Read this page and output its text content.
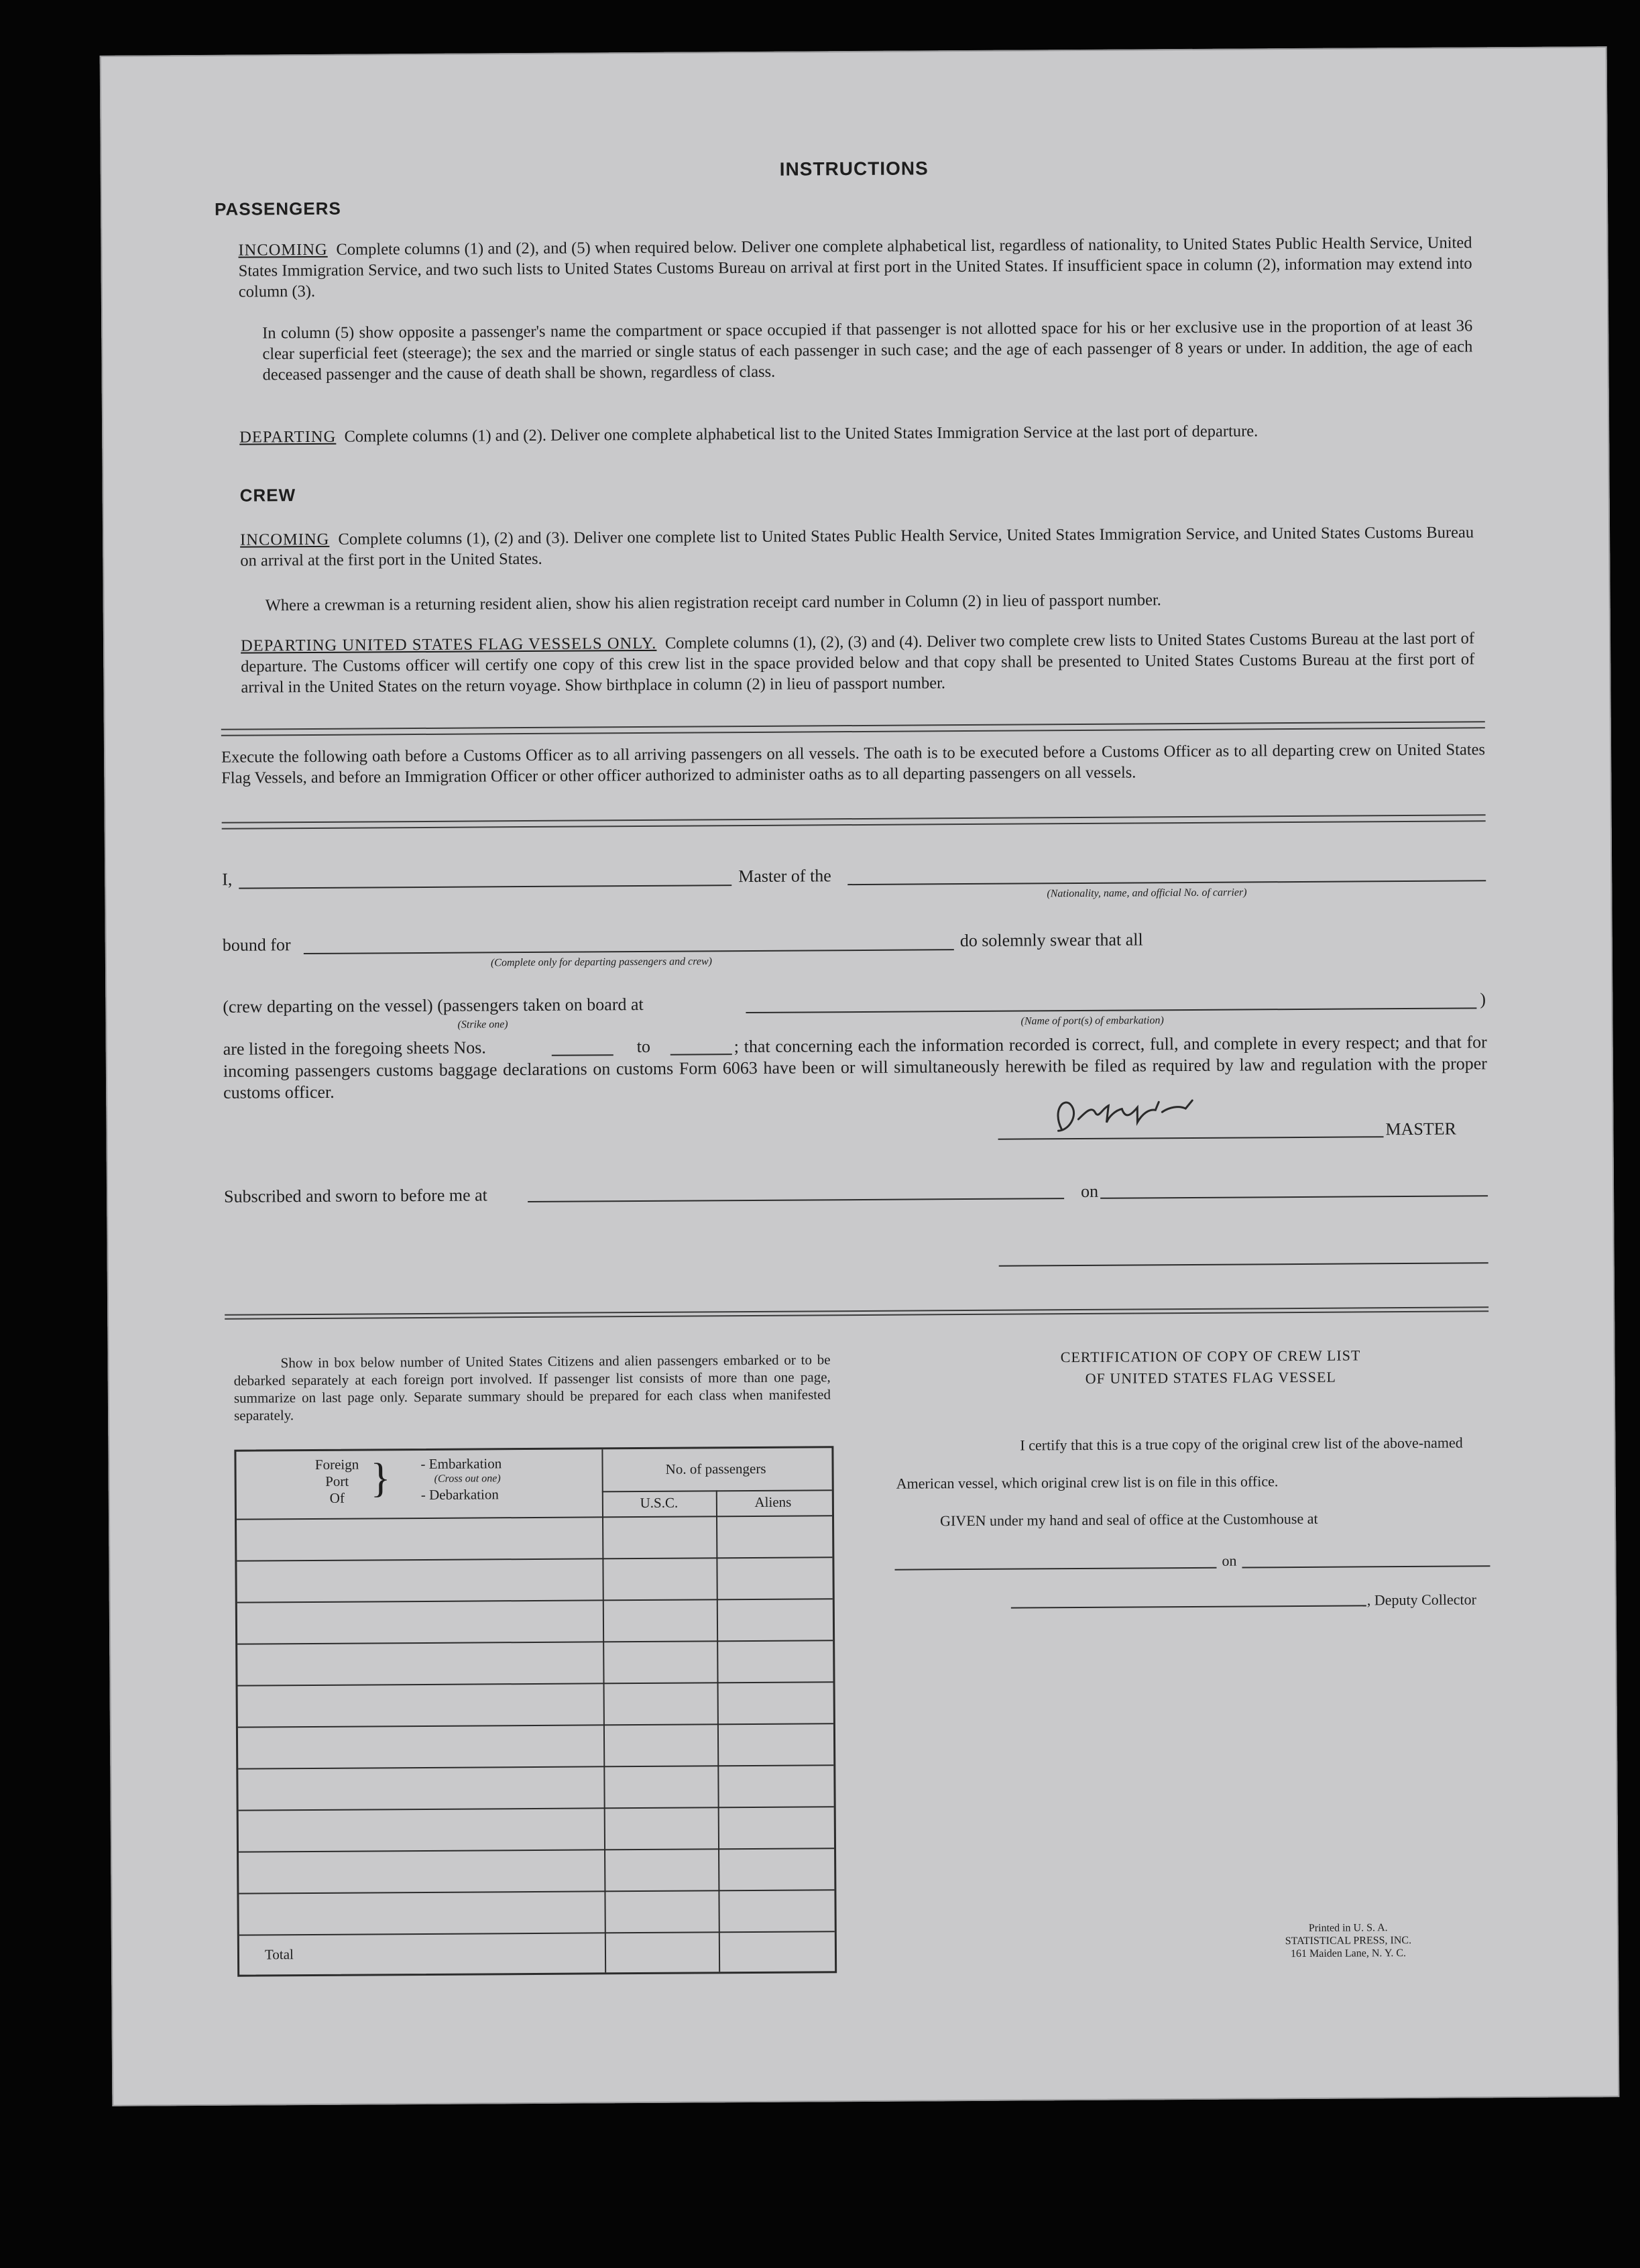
INSTRUCTIONS
PASSENGERS
INCOMING Complete columns (1) and (2), and (5) when required below. Deliver one complete alphabetical list, regardless of nationality, to United States Public Health Service, United States Immigration Service, and two such lists to United States Customs Bureau on arrival at first port in the United States. If insufficient space in column (2), information may extend into column (3).
In column (5) show opposite a passenger's name the compartment or space occupied if that passenger is not allotted space for his or her exclusive use in the proportion of at least 36 clear superficial feet (steerage); the sex and the married or single status of each passenger in such case; and the age of each passenger of 8 years or under. In addition, the age of each deceased passenger and the cause of death shall be shown, regardless of class.
DEPARTING Complete columns (1) and (2). Deliver one complete alphabetical list to the United States Immigration Service at the last port of departure.
CREW
INCOMING Complete columns (1), (2) and (3). Deliver one complete list to United States Public Health Service, United States Immigration Service, and United States Customs Bureau on arrival at the first port in the United States.
Where a crewman is a returning resident alien, show his alien registration receipt card number in Column (2) in lieu of passport number.
DEPARTING UNITED STATES FLAG VESSELS ONLY. Complete columns (1), (2), (3) and (4). Deliver two complete crew lists to United States Customs Bureau at the last port of departure. The Customs officer will certify one copy of this crew list in the space provided below and that copy shall be presented to United States Customs Bureau at the first port of arrival in the United States on the return voyage. Show birthplace in column (2) in lieu of passport number.
Execute the following oath before a Customs Officer as to all arriving passengers on all vessels. The oath is to be executed before a Customs Officer as to all departing crew on United States Flag Vessels, and before an Immigration Officer or other officer authorized to administer oaths as to all departing passengers on all vessels.
I,	Master of the
(Nationality, name, and official No. of carrier)
bound for
(Complete only for departing passengers and crew)
do solemnly swear that all
(crew departing on the vessel) (passengers taken on board at
(Strike one)
)
(Name of port(s) of embarkation)
are listed in the foregoing sheets Nos.	to	; that concerning each the information recorded is correct, full, and complete in every respect; and that for incoming passengers customs baggage declarations on customs Form 6063 have been or will simultaneously herewith be filed as required by law and regulation with the proper customs officer.
MASTER
Subscribed and sworn to before me at	on
Show in box below number of United States Citizens and alien passengers embarked or to be debarked separately at each foreign port involved. If passenger list consists of more than one page, summarize on last page only. Separate summary should be prepared for each class when manifested separately.
Foreign
Port
Of } - Embarkation
(Cross out one)
- Debarkation
No. of passengers
U.S.C.	Aliens
Total
CERTIFICATION OF COPY OF CREW LIST
OF UNITED STATES FLAG VESSEL
I certify that this is a true copy of the original crew list of the above-named
American vessel, which original crew list is on file in this office.
GIVEN under my hand and seal of office at the Customhouse at
on
, Deputy Collector
Printed in U. S. A.
STATISTICAL PRESS, INC.
161 Maiden Lane, N. Y. C.
